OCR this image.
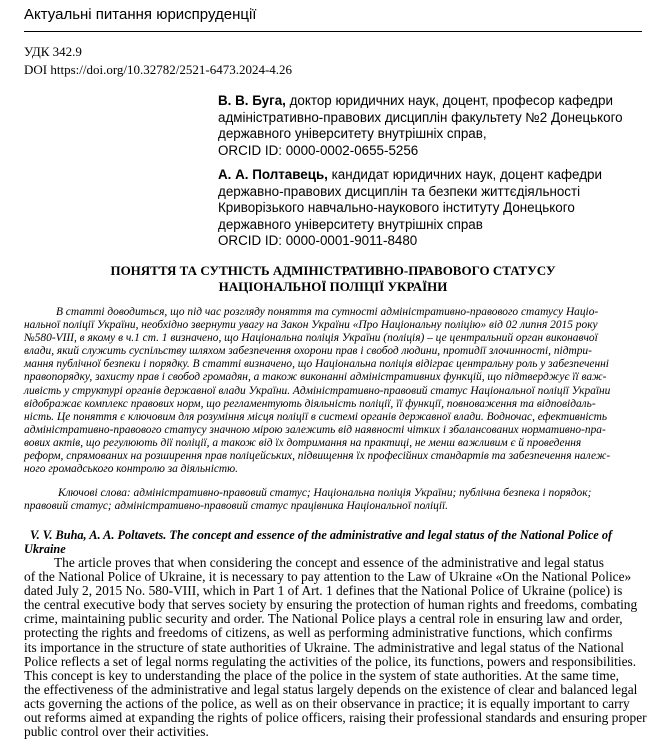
Актуальні питання юриспруденції
УДК 342.9
DOI https://doi.org/10.32782/2521-6473.2024-4.26
В. В. Буга, доктор юридичних наук, доцент, професор кафедри
адміністративно-правових дисциплін факультету №2 Донецького
державного університету внутрішніх справ,
ORCID ID: 0000-0002-0655-5256
А. А. Полтавець, кандидат юридичних наук, доцент кафедри
державно-правових дисциплін та безпеки життєдіяльності
Криворізького навчально-наукового інституту Донецького
державного університету внутрішніх справ
ORCID ID: 0000-0001-9011-8480
ПОНЯТТЯ ТА СУТНІСТЬ АДМІНІСТРАТИВНО-ПРАВОВОГО СТАТУСУ
НАЦІОНАЛЬНОЇ ПОЛІЦІЇ УКРАЇНИ
В статті доводиться, що під час розгляду поняття та сутності адміністративно-правового статусу Націо-
нальної поліції України, необхідно звернути увагу на Закон України «Про Національну поліцію» від 02 липня 2015 року
№580-VIII, в якому в ч.1 ст. 1 визначено, що Національна поліція України (поліція) – це центральний орган виконавчої
влади, який служить суспільству шляхом забезпечення охорони прав і свобод людини, протидії злочинності, підтри-
мання публічної безпеки і порядку. В статті визначено, що Національна поліція відіграє центральну роль у забезпеченні
правопорядку, захисту прав і свобод громадян, а також виконанні адміністративних функцій, що підтверджує її важ-
ливість у структурі органів державної влади України. Адміністративно-правовий статус Національної поліції України
відображає комплекс правових норм, що регламентують діяльність поліції, її функції, повноваження та відповідаль-
ність. Це поняття є ключовим для розуміння місця поліції в системі органів державної влади. Водночас, ефективність
адміністративно-правового статусу значною мірою залежить від наявності чітких і збалансованих нормативно-пра-
вових актів, що регулюють дії поліції, а також від їх дотримання на практиці, не менш важливим є й проведення
реформ, спрямованих на розширення прав поліцейських, підвищення їх професійних стандартів та забезпечення належ-
ного громадського контролю за діяльністю.
Ключові слова: адміністративно-правовий статус; Національна поліція України; публічна безпека і порядок;
правовий статус; адміністративно-правовий статус працівника Національної поліції.
V. V. Buha, A. A. Poltavets. The concept and essence of the administrative and legal status of the National Police of
Ukraine
The article proves that when considering the concept and essence of the administrative and legal status
of the National Police of Ukraine, it is necessary to pay attention to the Law of Ukraine «On the National Police»
dated July 2, 2015 No. 580-VIII, which in Part 1 of Art. 1 defines that the National Police of Ukraine (police) is
the central executive body that serves society by ensuring the protection of human rights and freedoms, combating
crime, maintaining public security and order. The National Police plays a central role in ensuring law and order,
protecting the rights and freedoms of citizens, as well as performing administrative functions, which confirms
its importance in the structure of state authorities of Ukraine. The administrative and legal status of the National
Police reflects a set of legal norms regulating the activities of the police, its functions, powers and responsibilities.
This concept is key to understanding the place of the police in the system of state authorities. At the same time,
the effectiveness of the administrative and legal status largely depends on the existence of clear and balanced legal
acts governing the actions of the police, as well as on their observance in practice; it is equally important to carry
out reforms aimed at expanding the rights of police officers, raising their professional standards and ensuring proper
public control over their activities.
